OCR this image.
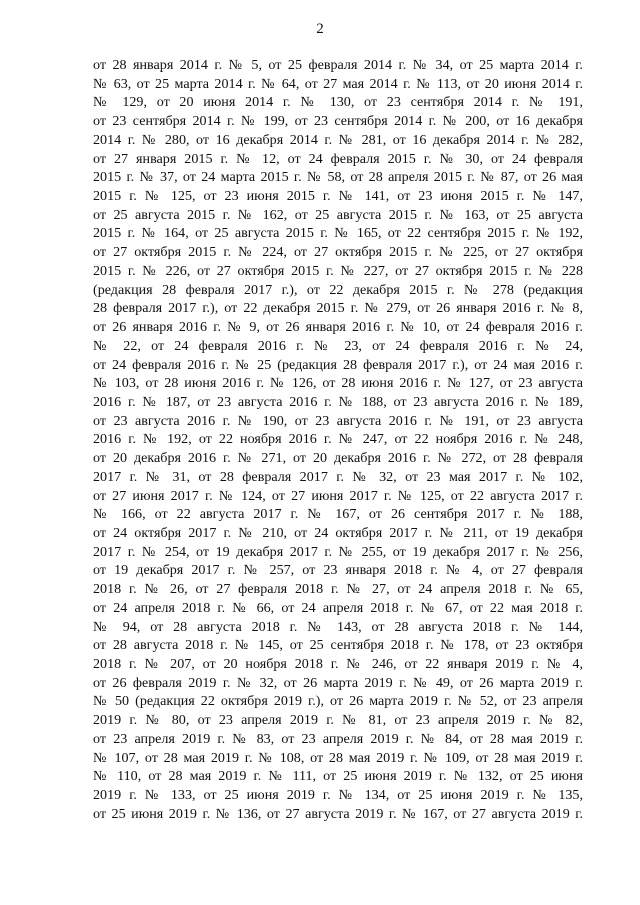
2
от 28 января 2014 г. № 5, от 25 февраля 2014 г. № 34, от 25 марта 2014 г.
№ 63, от 25 марта 2014 г. № 64, от 27 мая 2014 г. № 113, от 20 июня 2014 г.
№ 129, от 20 июня 2014 г. № 130, от 23 сентября 2014 г. № 191,
от 23 сентября 2014 г. № 199, от 23 сентября 2014 г. № 200, от 16 декабря
2014 г. № 280, от 16 декабря 2014 г. № 281, от 16 декабря 2014 г. № 282,
от 27 января 2015 г. № 12, от 24 февраля 2015 г. № 30, от 24 февраля
2015 г. № 37, от 24 марта 2015 г. № 58, от 28 апреля 2015 г. № 87, от 26 мая
2015 г. № 125, от 23 июня 2015 г. № 141, от 23 июня 2015 г. № 147,
от 25 августа 2015 г. № 162, от 25 августа 2015 г. № 163, от 25 августа
2015 г. № 164, от 25 августа 2015 г. № 165, от 22 сентября 2015 г. № 192,
от 27 октября 2015 г. № 224, от 27 октября 2015 г. № 225, от 27 октября
2015 г. № 226, от 27 октября 2015 г. № 227, от 27 октября 2015 г. № 228
(редакция 28 февраля 2017 г.), от 22 декабря 2015 г. № 278 (редакция
28 февраля 2017 г.), от 22 декабря 2015 г. № 279, от 26 января 2016 г. № 8,
от 26 января 2016 г. № 9, от 26 января 2016 г. № 10, от 24 февраля 2016 г.
№ 22, от 24 февраля 2016 г. № 23, от 24 февраля 2016 г. № 24,
от 24 февраля 2016 г. № 25 (редакция 28 февраля 2017 г.), от 24 мая 2016 г.
№ 103, от 28 июня 2016 г. № 126, от 28 июня 2016 г. № 127, от 23 августа
2016 г. № 187, от 23 августа 2016 г. № 188, от 23 августа 2016 г. № 189,
от 23 августа 2016 г. № 190, от 23 августа 2016 г. № 191, от 23 августа
2016 г. № 192, от 22 ноября 2016 г. № 247, от 22 ноября 2016 г. № 248,
от 20 декабря 2016 г. № 271, от 20 декабря 2016 г. № 272, от 28 февраля
2017 г. № 31, от 28 февраля 2017 г. № 32, от 23 мая 2017 г. № 102,
от 27 июня 2017 г. № 124, от 27 июня 2017 г. № 125, от 22 августа 2017 г.
№ 166, от 22 августа 2017 г. № 167, от 26 сентября 2017 г. № 188,
от 24 октября 2017 г. № 210, от 24 октября 2017 г. № 211, от 19 декабря
2017 г. № 254, от 19 декабря 2017 г. № 255, от 19 декабря 2017 г. № 256,
от 19 декабря 2017 г. № 257, от 23 января 2018 г. № 4, от 27 февраля
2018 г. № 26, от 27 февраля 2018 г. № 27, от 24 апреля 2018 г. № 65,
от 24 апреля 2018 г. № 66, от 24 апреля 2018 г. № 67, от 22 мая 2018 г.
№ 94, от 28 августа 2018 г. № 143, от 28 августа 2018 г. № 144,
от 28 августа 2018 г. № 145, от 25 сентября 2018 г. № 178, от 23 октября
2018 г. № 207, от 20 ноября 2018 г. № 246, от 22 января 2019 г. № 4,
от 26 февраля 2019 г. № 32, от 26 марта 2019 г. № 49, от 26 марта 2019 г.
№ 50 (редакция 22 октября 2019 г.), от 26 марта 2019 г. № 52, от 23 апреля
2019 г. № 80, от 23 апреля 2019 г. № 81, от 23 апреля 2019 г. № 82,
от 23 апреля 2019 г. № 83, от 23 апреля 2019 г. № 84, от 28 мая 2019 г.
№ 107, от 28 мая 2019 г. № 108, от 28 мая 2019 г. № 109, от 28 мая 2019 г.
№ 110, от 28 мая 2019 г. № 111, от 25 июня 2019 г. № 132, от 25 июня
2019 г. № 133, от 25 июня 2019 г. № 134, от 25 июня 2019 г. № 135,
от 25 июня 2019 г. № 136, от 27 августа 2019 г. № 167, от 27 августа 2019 г.
